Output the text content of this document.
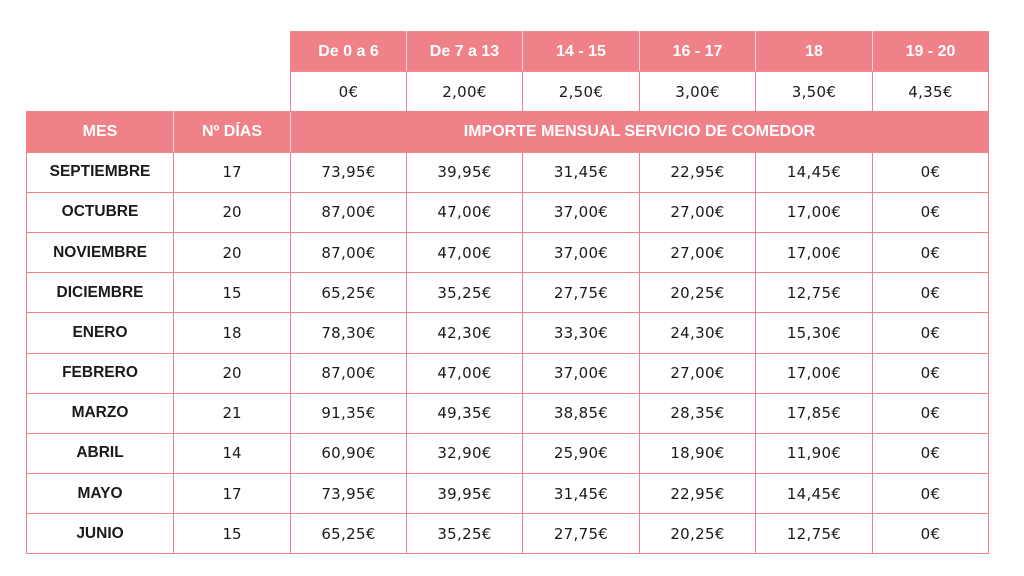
		De 0 a 6	De 7 a 13	14 - 15	16 - 17	18	19 - 20
		0€	2,00€	2,50€	3,00€	3,50€	4,35€
MES	Nº DÍAS	IMPORTE MENSUAL SERVICIO DE COMEDOR					
SEPTIEMBRE	17	73,95€	39,95€	31,45€	22,95€	14,45€	0€
OCTUBRE	20	87,00€	47,00€	37,00€	27,00€	17,00€	0€
NOVIEMBRE	20	87,00€	47,00€	37,00€	27,00€	17,00€	0€
DICIEMBRE	15	65,25€	35,25€	27,75€	20,25€	12,75€	0€
ENERO	18	78,30€	42,30€	33,30€	24,30€	15,30€	0€
FEBRERO	20	87,00€	47,00€	37,00€	27,00€	17,00€	0€
MARZO	21	91,35€	49,35€	38,85€	28,35€	17,85€	0€
ABRIL	14	60,90€	32,90€	25,90€	18,90€	11,90€	0€
MAYO	17	73,95€	39,95€	31,45€	22,95€	14,45€	0€
JUNIO	15	65,25€	35,25€	27,75€	20,25€	12,75€	0€
